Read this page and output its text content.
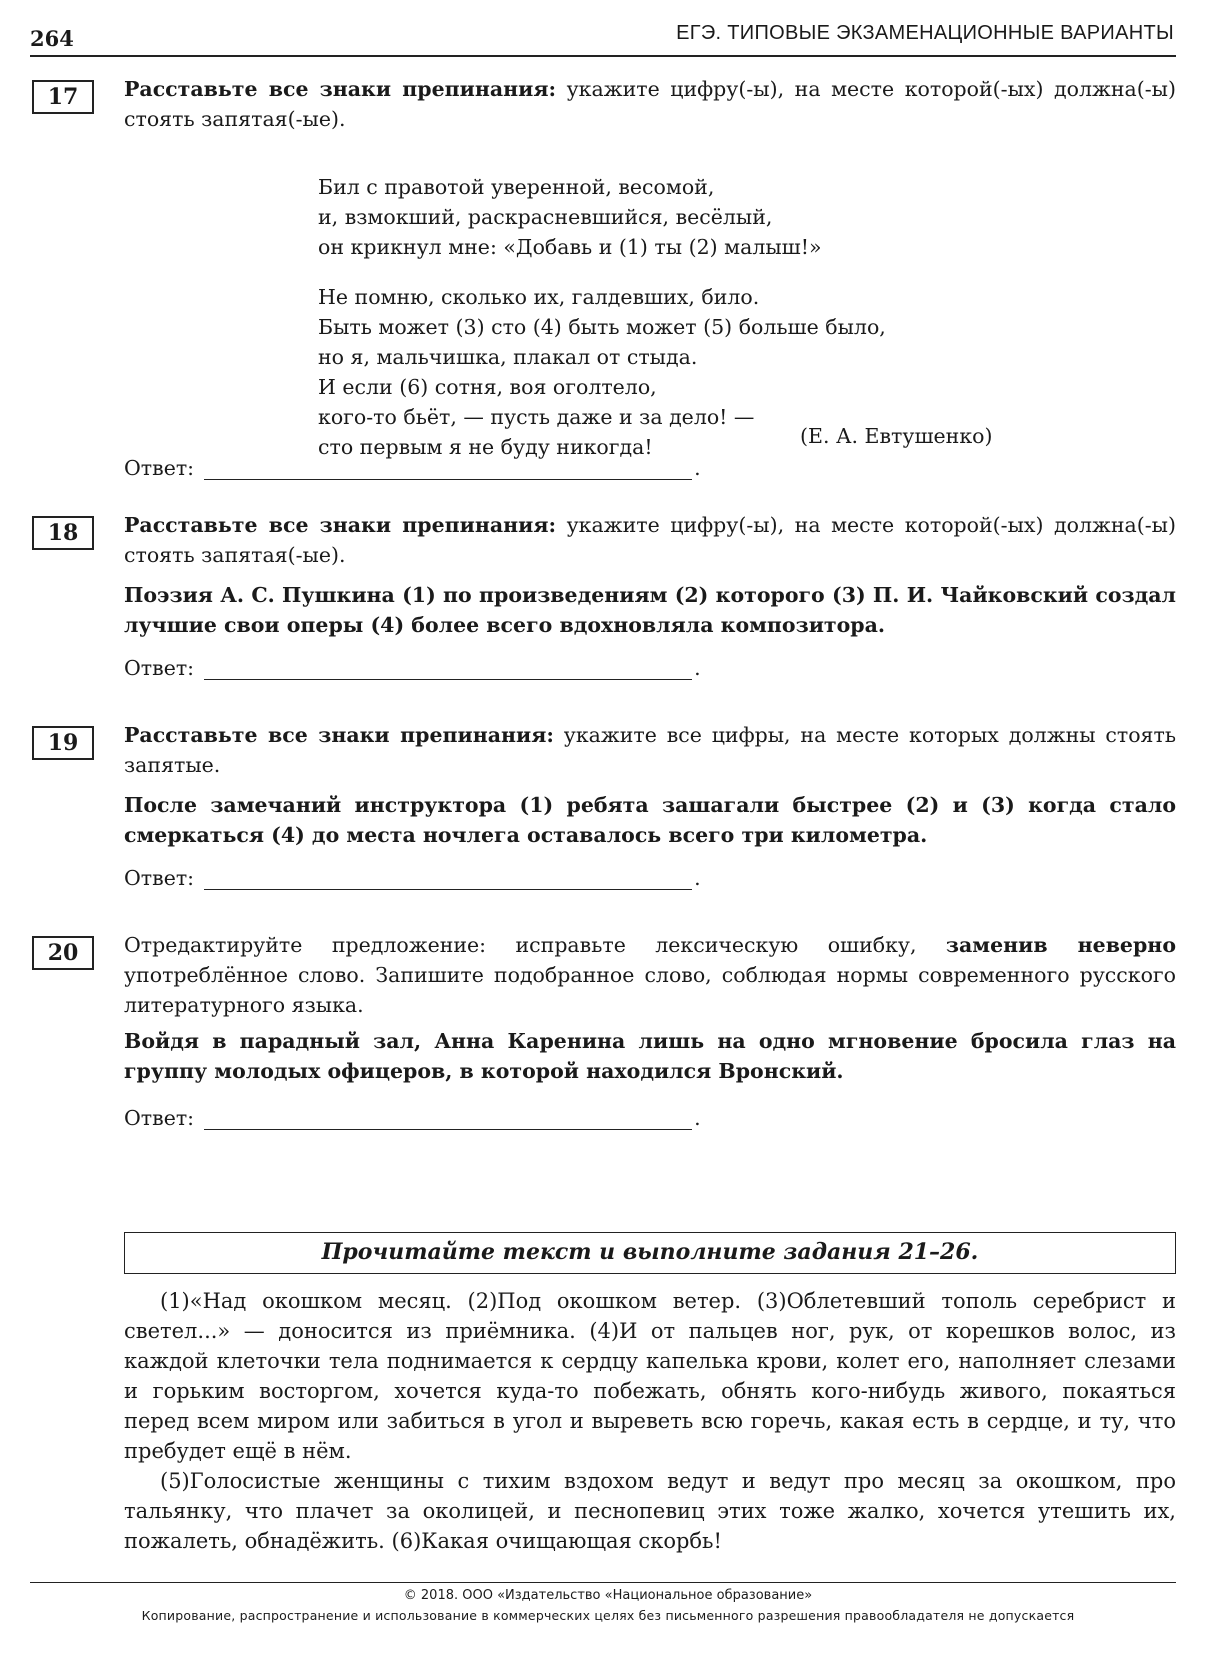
264	ЕГЭ. ТИПОВЫЕ ЭКЗАМЕНАЦИОННЫЕ ВАРИАНТЫ
17	Расставьте все знаки препинания: укажите цифру(-ы), на месте которой(-ых) должна(-ы) стоять запятая(-ые).

Бил с правотой уверенной, весомой,
и, взмокший, раскрасневшийся, весёлый,
он крикнул мне: «Добавь и (1) ты (2) малыш!»
Не помню, сколько их, галдевших, било.
Быть может (3) сто (4) быть может (5) больше было,
но я, мальчишка, плакал от стыда.
И если (6) сотня, воя оголтело,
кого-то бьёт, — пусть даже и за дело! —
сто первым я не буду никогда!	(Е. А. Евтушенко)
Ответ:	.
18	Расставьте все знаки препинания: укажите цифру(-ы), на месте которой(-ых) должна(-ы) стоять запятая(-ые).
Поэзия А. С. Пушкина (1) по произведениям (2) которого (3) П. И. Чайковский создал лучшие свои оперы (4) более всего вдохновляла композитора.
Ответ:	.
19	Расставьте все знаки препинания: укажите все цифры, на месте которых должны стоять запятые.
После замечаний инструктора (1) ребята зашагали быстрее (2) и (3) когда стало смеркаться (4) до места ночлега оставалось всего три километра.
Ответ:	.
20	Отредактируйте предложение: исправьте лексическую ошибку, заменив неверно употреблённое слово. Запишите подобранное слово, соблюдая нормы современного русского литературного языка.
Войдя в парадный зал, Анна Каренина лишь на одно мгновение бросила глаз на группу молодых офицеров, в которой находился Вронский.
Ответ:	.
Прочитайте текст и выполните задания 21–26.
(1)«Над окошком месяц. (2)Под окошком ветер. (3)Облетевший тополь серебрист и светел...» — доносится из приёмника. (4)И от пальцев ног, рук, от корешков волос, из каждой клеточки тела поднимается к сердцу капелька крови, колет его, наполняет слезами и горьким восторгом, хочется куда-то побежать, обнять кого-нибудь живого, покаяться перед всем миром или забиться в угол и выреветь всю горечь, какая есть в сердце, и ту, что пребудет ещё в нём.
(5)Голосистые женщины с тихим вздохом ведут и ведут про месяц за окошком, про тальянку, что плачет за околицей, и песнопевиц этих тоже жалко, хочется утешить их, пожалеть, обнадёжить. (6)Какая очищающая скорбь!
© 2018. ООО «Издательство «Национальное образование»
Копирование, распространение и использование в коммерческих целях без письменного разрешения правообладателя не допускается
